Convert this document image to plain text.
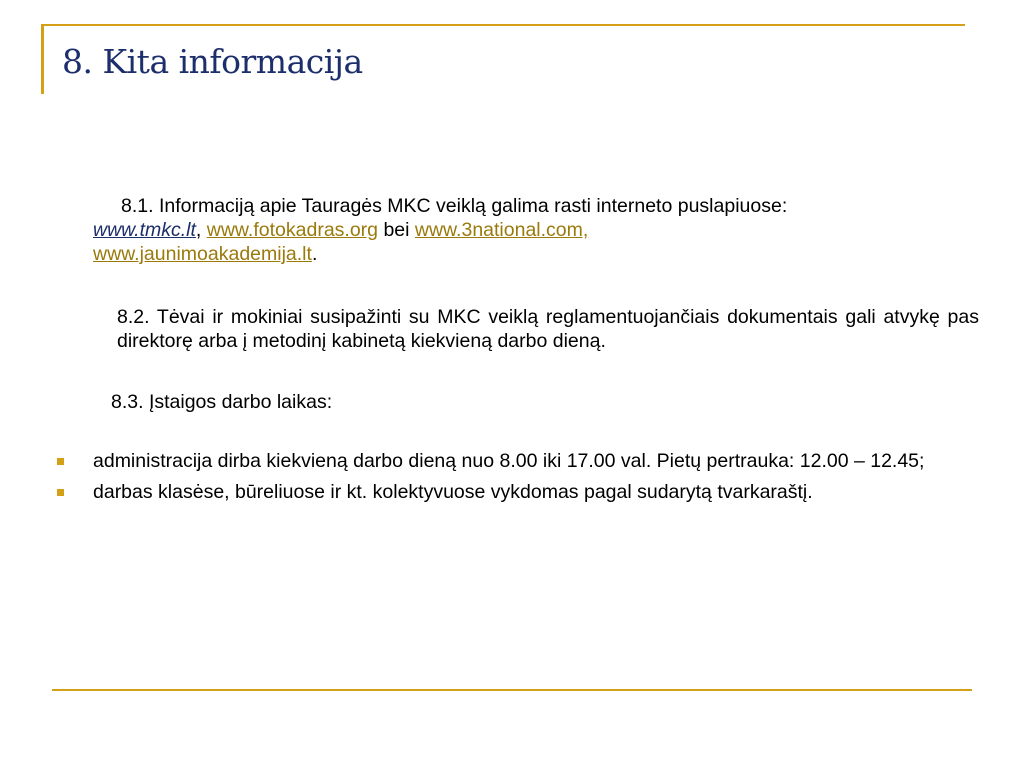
8. Kita informacija

8.1. Informaciją apie Tauragės MKC veiklą galima rasti interneto puslapiuose:
www.tmkc.lt, www.fotokadras.org bei www.3national.com,
www.jaunimoakademija.lt.

8.2. Tėvai ir mokiniai susipažinti su MKC veiklą reglamentuojančiais dokumentais gali atvykę pas direktorę arba į metodinį kabinetą kiekvieną darbo dieną.

8.3. Įstaigos darbo laikas:

administracija dirba kiekvieną darbo dieną nuo 8.00 iki 17.00 val. Pietų pertrauka: 12.00 – 12.45;
darbas klasėse, būreliuose ir kt. kolektyvuose vykdomas pagal sudarytą tvarkaraštį.
